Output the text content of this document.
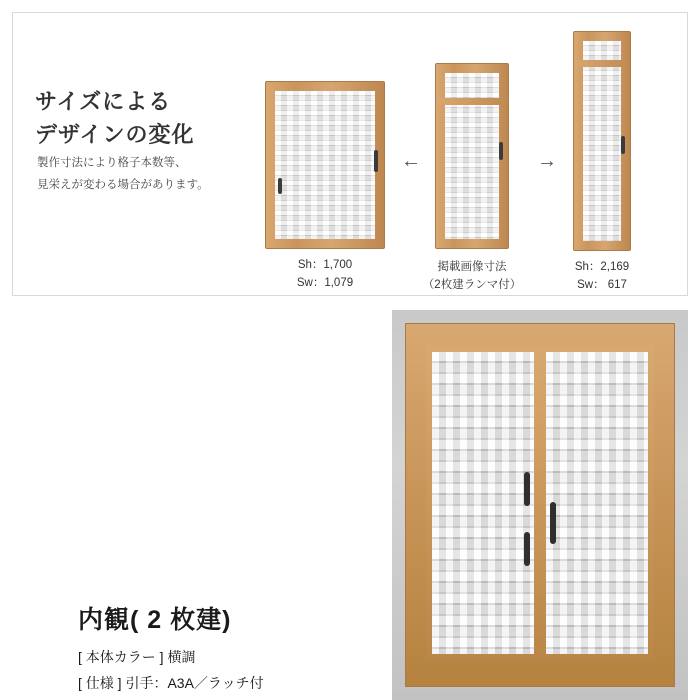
サイズによる
デザインの変化
製作寸法により格子本数等、
見栄えが変わる場合があります。
Sh：1,700
Sw：1,079
←
掲載画像寸法
（2枚建ランマ付）
→
Sh：2,169
Sw： 617
内観( 2 枚建)
[ 本体カラー ] 横調
[ 仕様 ] 引手：A3A／ラッチ付
